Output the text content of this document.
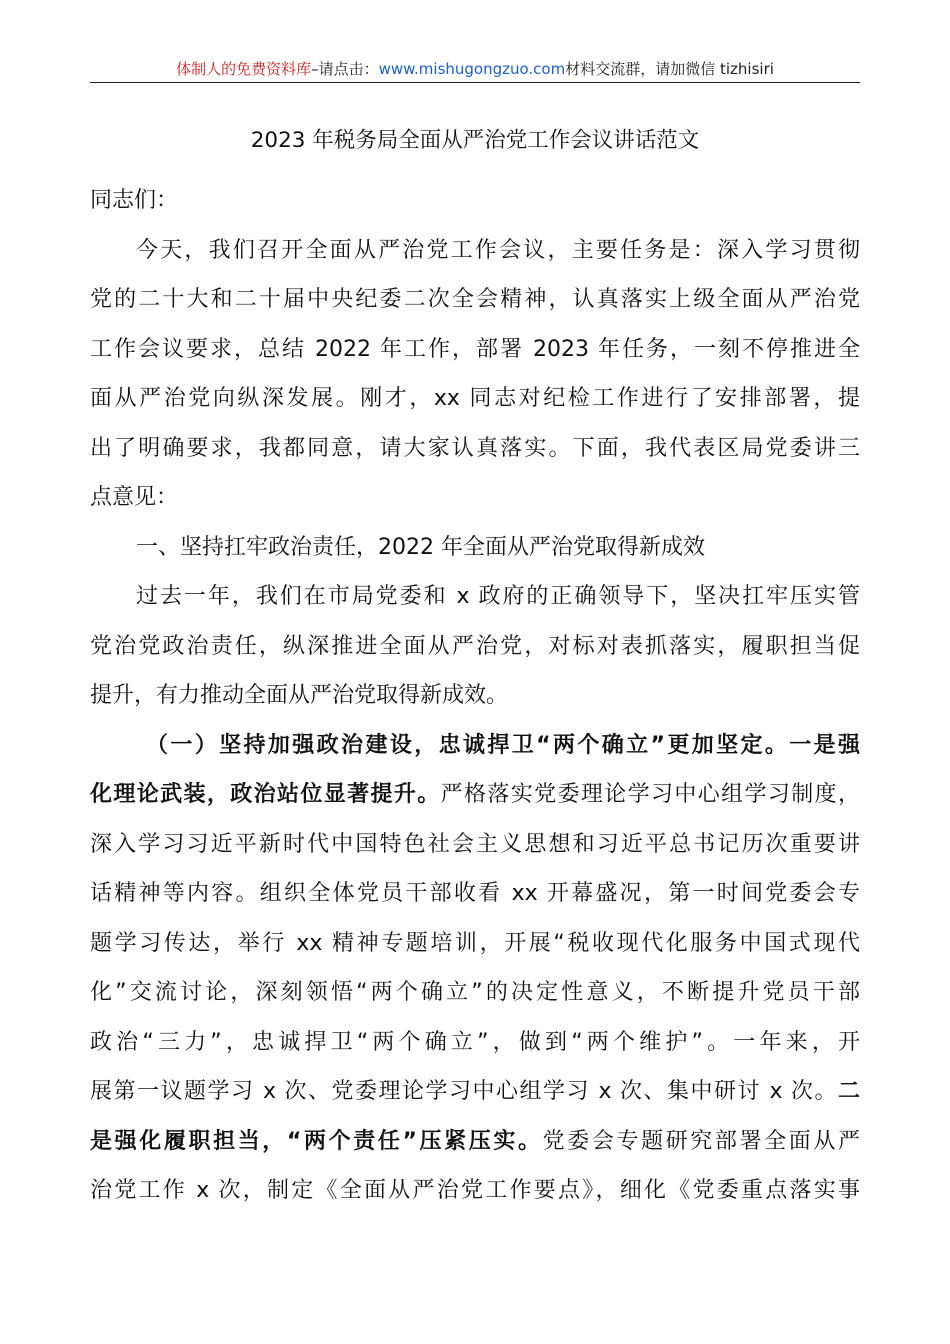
体制人的免费资料库–请点击：www.mishugongzuo.com材料交流群，请加微信 tizhisiri
2023 年税务局全面从严治党工作会议讲话范文
同志们：
今天，我们召开全面从严治党工作会议，主要任务是：深入学习贯彻
党的二十大和二十届中央纪委二次全会精神，认真落实上级全面从严治党
工作会议要求，总结 2022 年工作，部署 2023 年任务，一刻不停推进全
面从严治党向纵深发展。刚才，xx 同志对纪检工作进行了安排部署，提
出了明确要求，我都同意，请大家认真落实。下面，我代表区局党委讲三
点意见：
一、坚持扛牢政治责任，2022 年全面从严治党取得新成效
过去一年，我们在市局党委和 x 政府的正确领导下，坚决扛牢压实管
党治党政治责任，纵深推进全面从严治党，对标对表抓落实，履职担当促
提升，有力推动全面从严治党取得新成效。
（一）坚持加强政治建设，忠诚捍卫“两个确立”更加坚定。一是强
化理论武装，政治站位显著提升。严格落实党委理论学习中心组学习制度，
深入学习习近平新时代中国特色社会主义思想和习近平总书记历次重要讲
话精神等内容。组织全体党员干部收看 xx 开幕盛况，第一时间党委会专
题学习传达，举行 xx 精神专题培训，开展“税收现代化服务中国式现代
化”交流讨论，深刻领悟“两个确立”的决定性意义，不断提升党员干部
政治“三力”，忠诚捍卫“两个确立”，做到“两个维护”。一年来，开
展第一议题学习 x 次、党委理论学习中心组学习 x 次、集中研讨 x 次。二
是强化履职担当，“两个责任”压紧压实。党委会专题研究部署全面从严
治党工作 x 次，制定《全面从严治党工作要点》，细化《党委重点落实事
